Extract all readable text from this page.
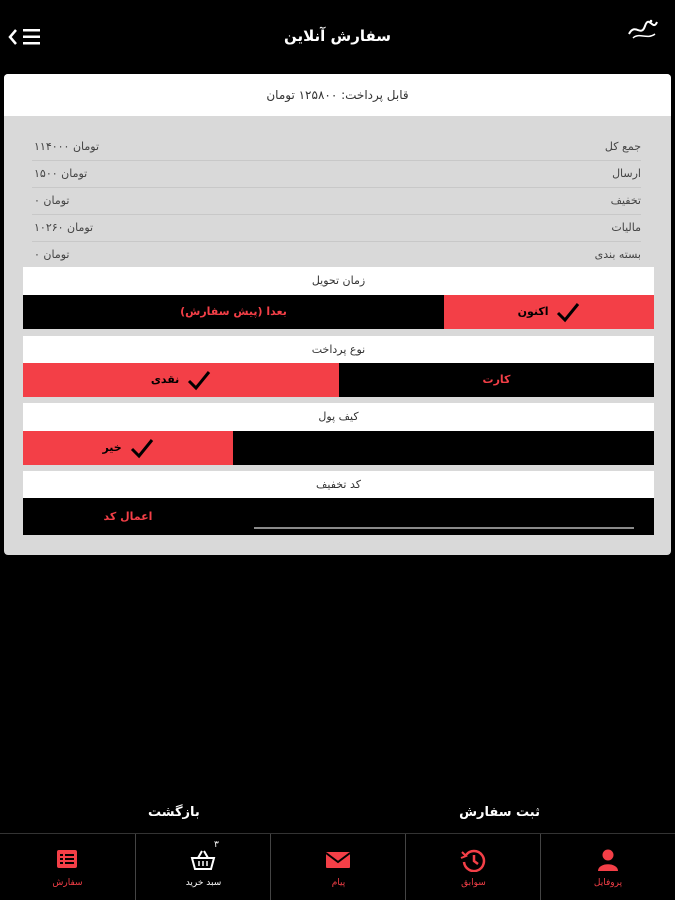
سفارش آنلاین
قابل پرداخت: ۱۲۵۸۰۰ تومان
جمع کل
۱۱۴۰۰۰ تومان
ارسال
۱۵۰۰ تومان
تخفیف
۰ تومان
مالیات
۱۰۲۶۰ تومان
بسته بندی
۰ تومان
زمان تحویل
بعدا (پیش سفارش)	اکنون
نوع پرداخت
نقدی	کارت
کیف پول
خیر
کد تخفیف
اعمال کد
ثبت سفارش
بازگشت
سفارش
۳
سبد خرید	پیام	سوابق	پروفایل
